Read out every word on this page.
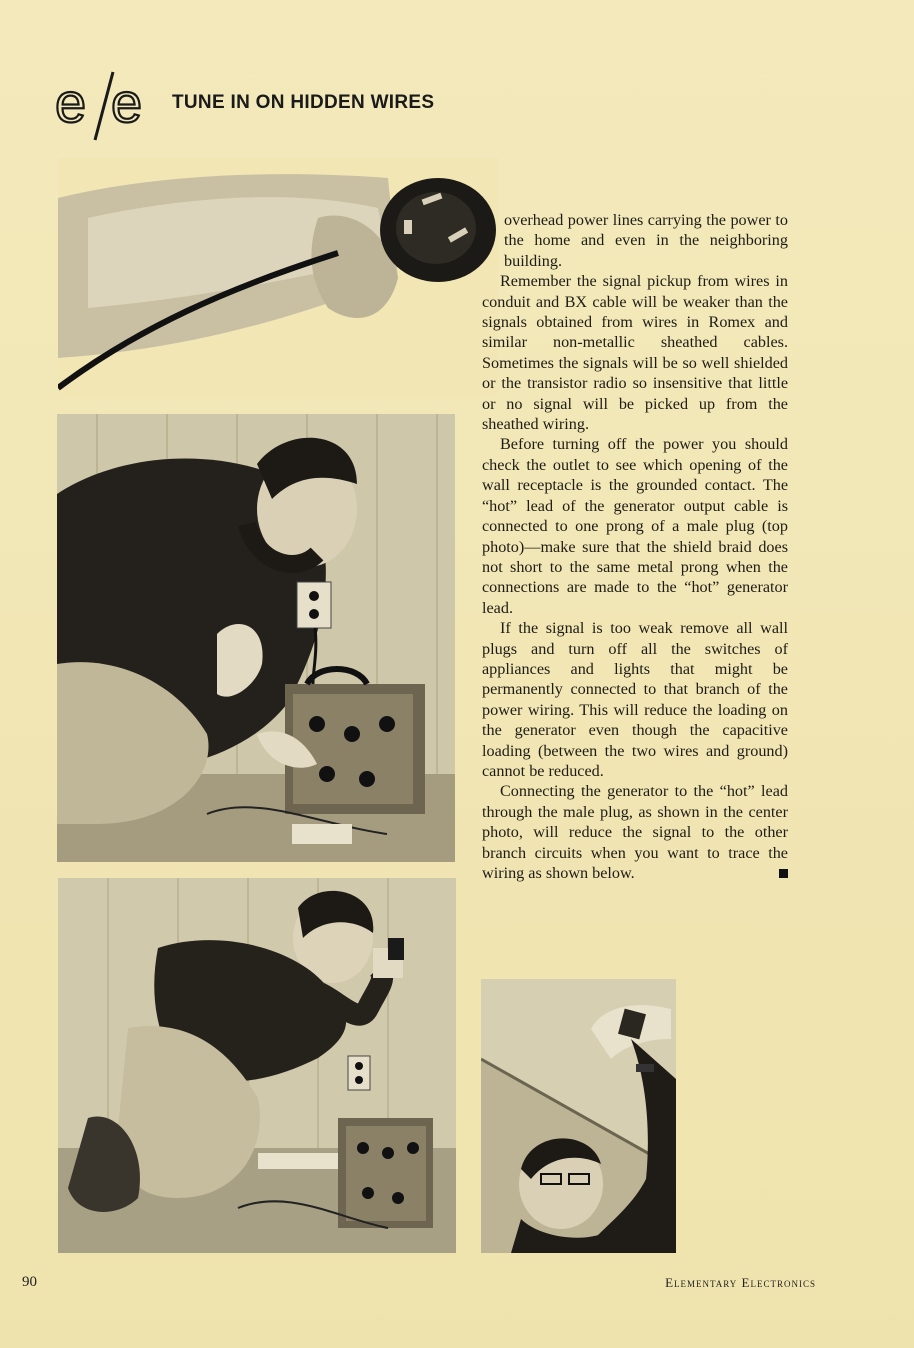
e e TUNE IN ON HIDDEN WIRES

overhead power lines carrying the power to the home and even in the neighboring building.

Remember the signal pickup from wires in conduit and BX cable will be weaker than the signals obtained from wires in Romex and similar non-metallic sheathed cables. Sometimes the signals will be so well shielded or the transistor radio so insensitive that little or no signal will be picked up from the sheathed wiring.

Before turning off the power you should check the outlet to see which opening of the wall receptacle is the grounded contact. The “hot” lead of the generator output cable is connected to one prong of a male plug (top photo)—make sure that the shield braid does not short to the same metal prong when the connections are made to the “hot” generator lead.

If the signal is too weak remove all wall plugs and turn off all the switches of appliances and lights that might be permanently connected to that branch of the power wiring. This will reduce the loading on the generator even though the capacitive loading (between the two wires and ground) cannot be reduced.

Connecting the generator to the “hot” lead through the male plug, as shown in the center photo, will reduce the signal to the other branch circuits when you want to trace the wiring as shown below.

90	Elementary Electronics
